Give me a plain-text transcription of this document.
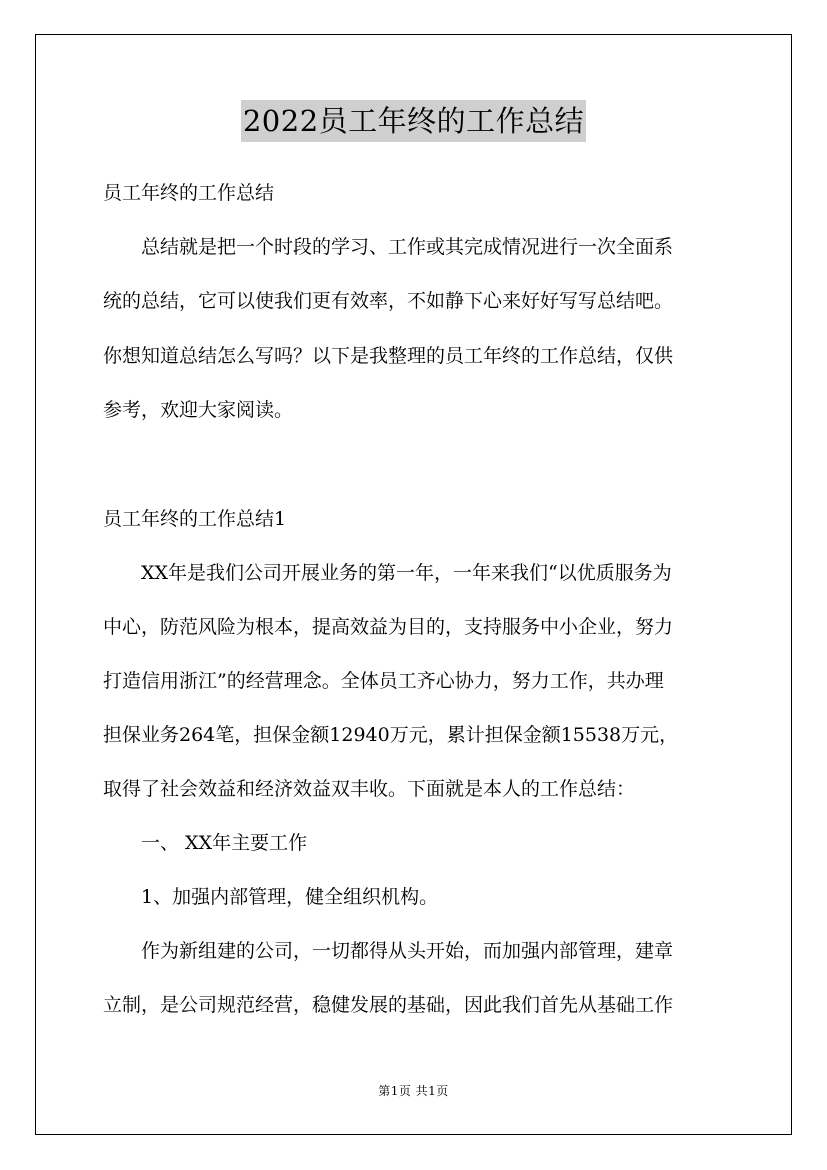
2022员工年终的工作总结
员工年终的工作总结
　　总结就是把一个时段的学习、工作或其完成情况进行一次全面系
统的总结，它可以使我们更有效率，不如静下心来好好写写总结吧。
你想知道总结怎么写吗？以下是我整理的员工年终的工作总结，仅供
参考，欢迎大家阅读。
员工年终的工作总结1
　　XX年是我们公司开展业务的第一年，一年来我们“以优质服务为
中心，防范风险为根本，提高效益为目的，支持服务中小企业，努力
打造信用浙江”的经营理念。全体员工齐心协力，努力工作，共办理
担保业务264笔，担保金额12940万元，累计担保金额15538万元，
取得了社会效益和经济效益双丰收。下面就是本人的工作总结：
　　一、 XX年主要工作
　　1、加强内部管理，健全组织机构。
　　作为新组建的公司，一切都得从头开始，而加强内部管理，建章
立制，是公司规范经营，稳健发展的基础，因此我们首先从基础工作
第1页 共1页
